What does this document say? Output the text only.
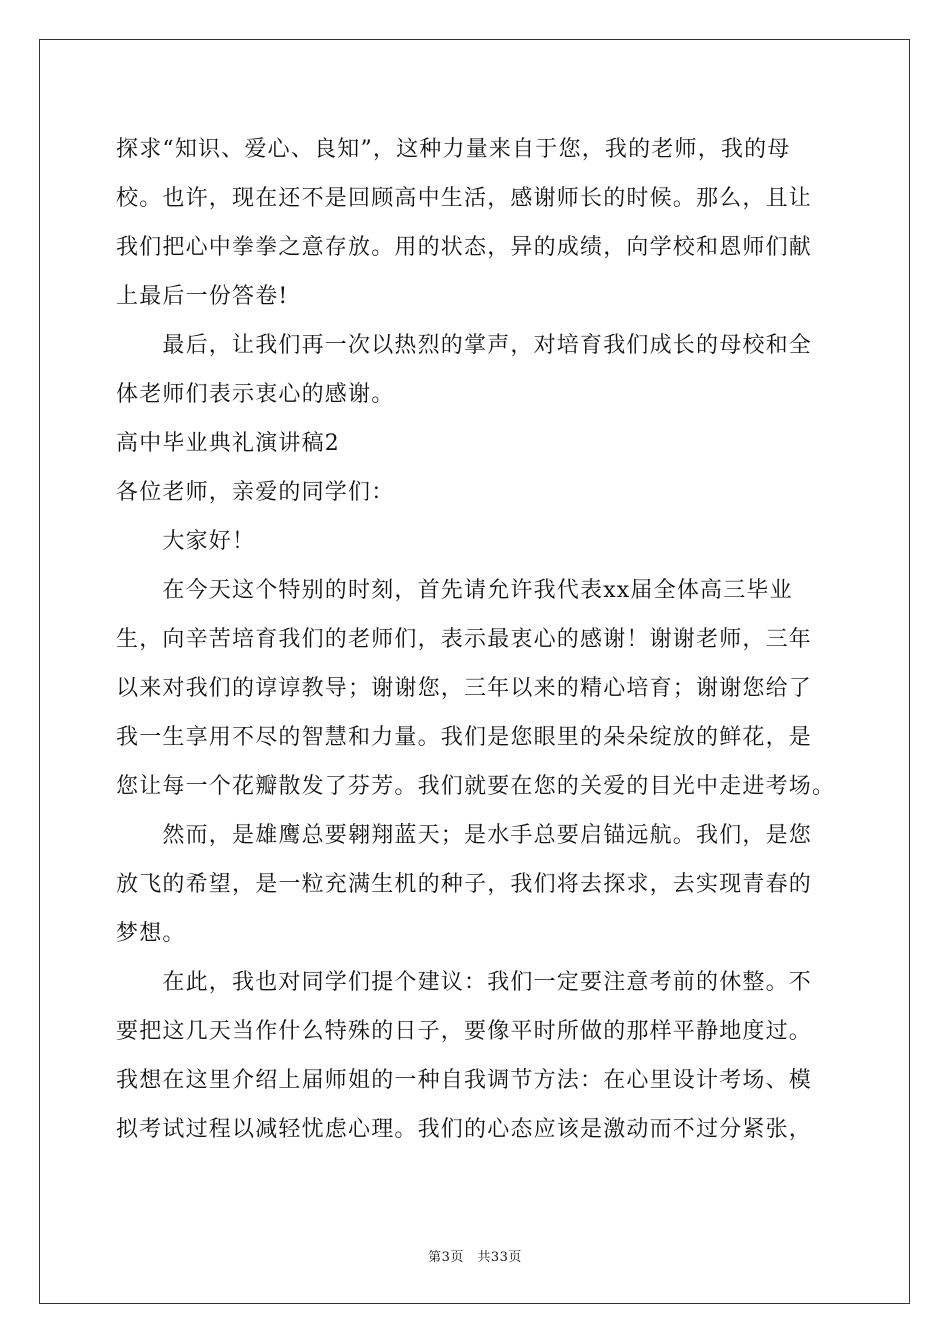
探求“知识、爱心、良知”，这种力量来自于您，我的老师，我的母
校。也许，现在还不是回顾高中生活，感谢师长的时候。那么，且让
我们把心中拳拳之意存放。用的状态，异的成绩，向学校和恩师们献
上最后一份答卷!
　　最后，让我们再一次以热烈的掌声，对培育我们成长的母校和全
体老师们表示衷心的感谢。
高中毕业典礼演讲稿2
各位老师，亲爱的同学们：
　　大家好！
　　在今天这个特别的时刻，首先请允许我代表xx届全体高三毕业
生，向辛苦培育我们的老师们，表示最衷心的感谢！谢谢老师，三年
以来对我们的谆谆教导；谢谢您，三年以来的精心培育；谢谢您给了
我一生享用不尽的智慧和力量。我们是您眼里的朵朵绽放的鲜花，是
您让每一个花瓣散发了芬芳。我们就要在您的关爱的目光中走进考场。
　　然而，是雄鹰总要翱翔蓝天；是水手总要启锚远航。我们，是您
放飞的希望，是一粒充满生机的种子，我们将去探求，去实现青春的
梦想。
　　在此，我也对同学们提个建议：我们一定要注意考前的休整。不
要把这几天当作什么特殊的日子，要像平时所做的那样平静地度过。
我想在这里介绍上届师姐的一种自我调节方法：在心里设计考场、模
拟考试过程以减轻忧虑心理。我们的心态应该是激动而不过分紧张，
第3页　共33页
